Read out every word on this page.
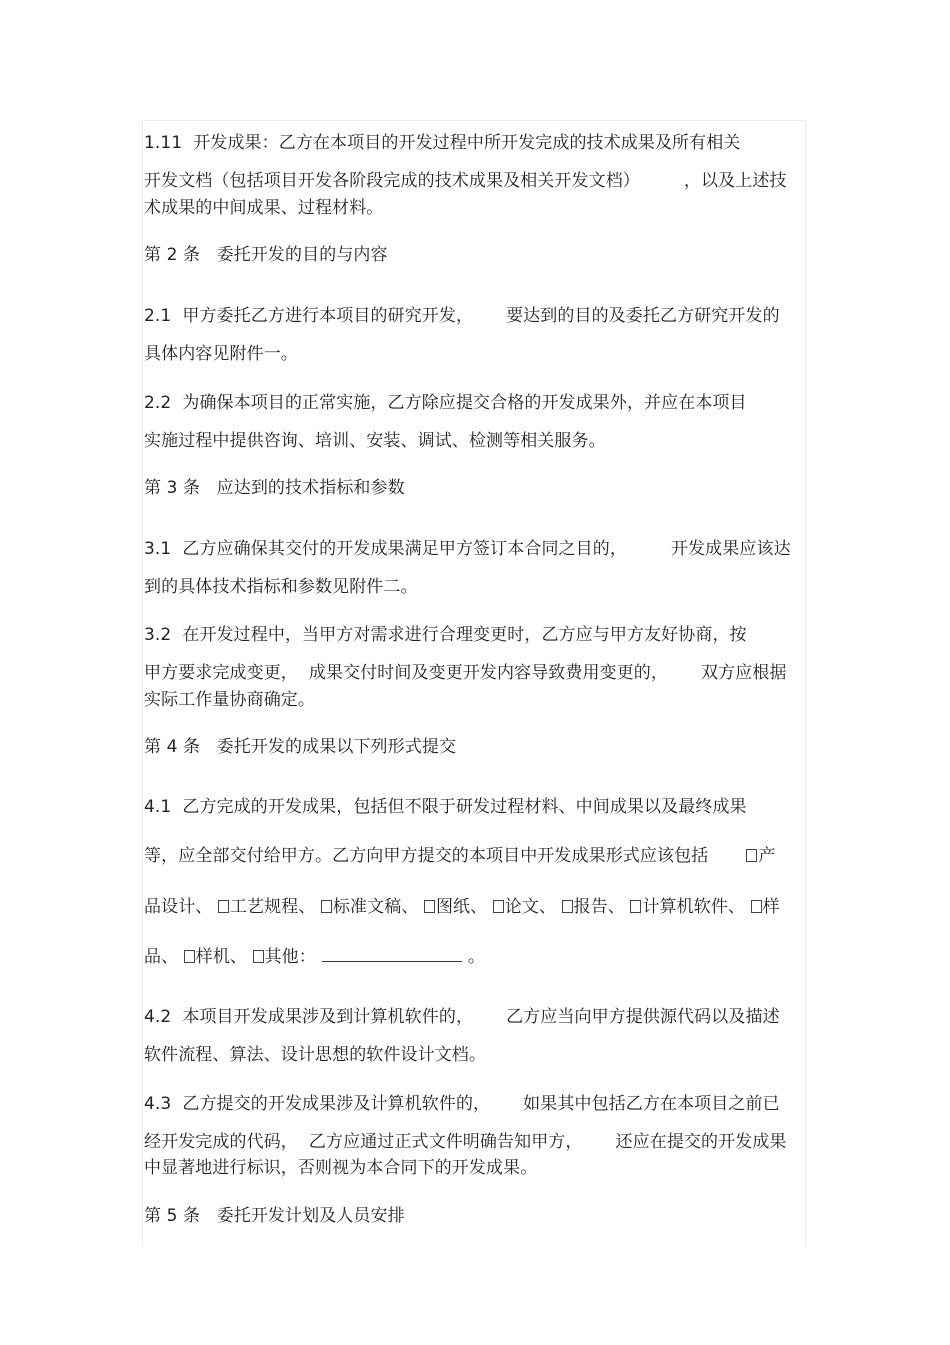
1.11  开发成果：乙方在本项目的开发过程中所开发完成的技术成果及所有相关
开发文档（包括项目开发各阶段完成的技术成果及相关开发文档）        ，以及上述技
术成果的中间成果、过程材料。
第 2 条   委托开发的目的与内容
2.1  甲方委托乙方进行本项目的研究开发，      要达到的目的及委托乙方研究开发的
具体内容见附件一。
2.2  为确保本项目的正常实施，乙方除应提交合格的开发成果外，并应在本项目
实施过程中提供咨询、培训、安装、调试、检测等相关服务。
第 3 条   应达到的技术指标和参数
3.1  乙方应确保其交付的开发成果满足甲方签订本合同之目的，        开发成果应该达
到的具体技术指标和参数见附件二。
3.2  在开发过程中，当甲方对需求进行合理变更时，乙方应与甲方友好协商，按
甲方要求完成变更，  成果交付时间及变更开发内容导致费用变更的，      双方应根据
实际工作量协商确定。
第 4 条   委托开发的成果以下列形式提交
4.1  乙方完成的开发成果，包括但不限于研发过程材料、中间成果以及最终成果
等，应全部交付给甲方。乙方向甲方提交的本项目中开发成果形式应该包括	产
品设计、 工艺规程、 标准文稿、 图纸、 论文、 报告、 计算机软件、 样
品、 样机、 其他：	。
4.2  本项目开发成果涉及到计算机软件的，      乙方应当向甲方提供源代码以及描述
软件流程、算法、设计思想的软件设计文档。
4.3  乙方提交的开发成果涉及计算机软件的，      如果其中包括乙方在本项目之前已
经开发完成的代码，  乙方应通过正式文件明确告知甲方，      还应在提交的开发成果
中显著地进行标识，否则视为本合同下的开发成果。
第 5 条   委托开发计划及人员安排
